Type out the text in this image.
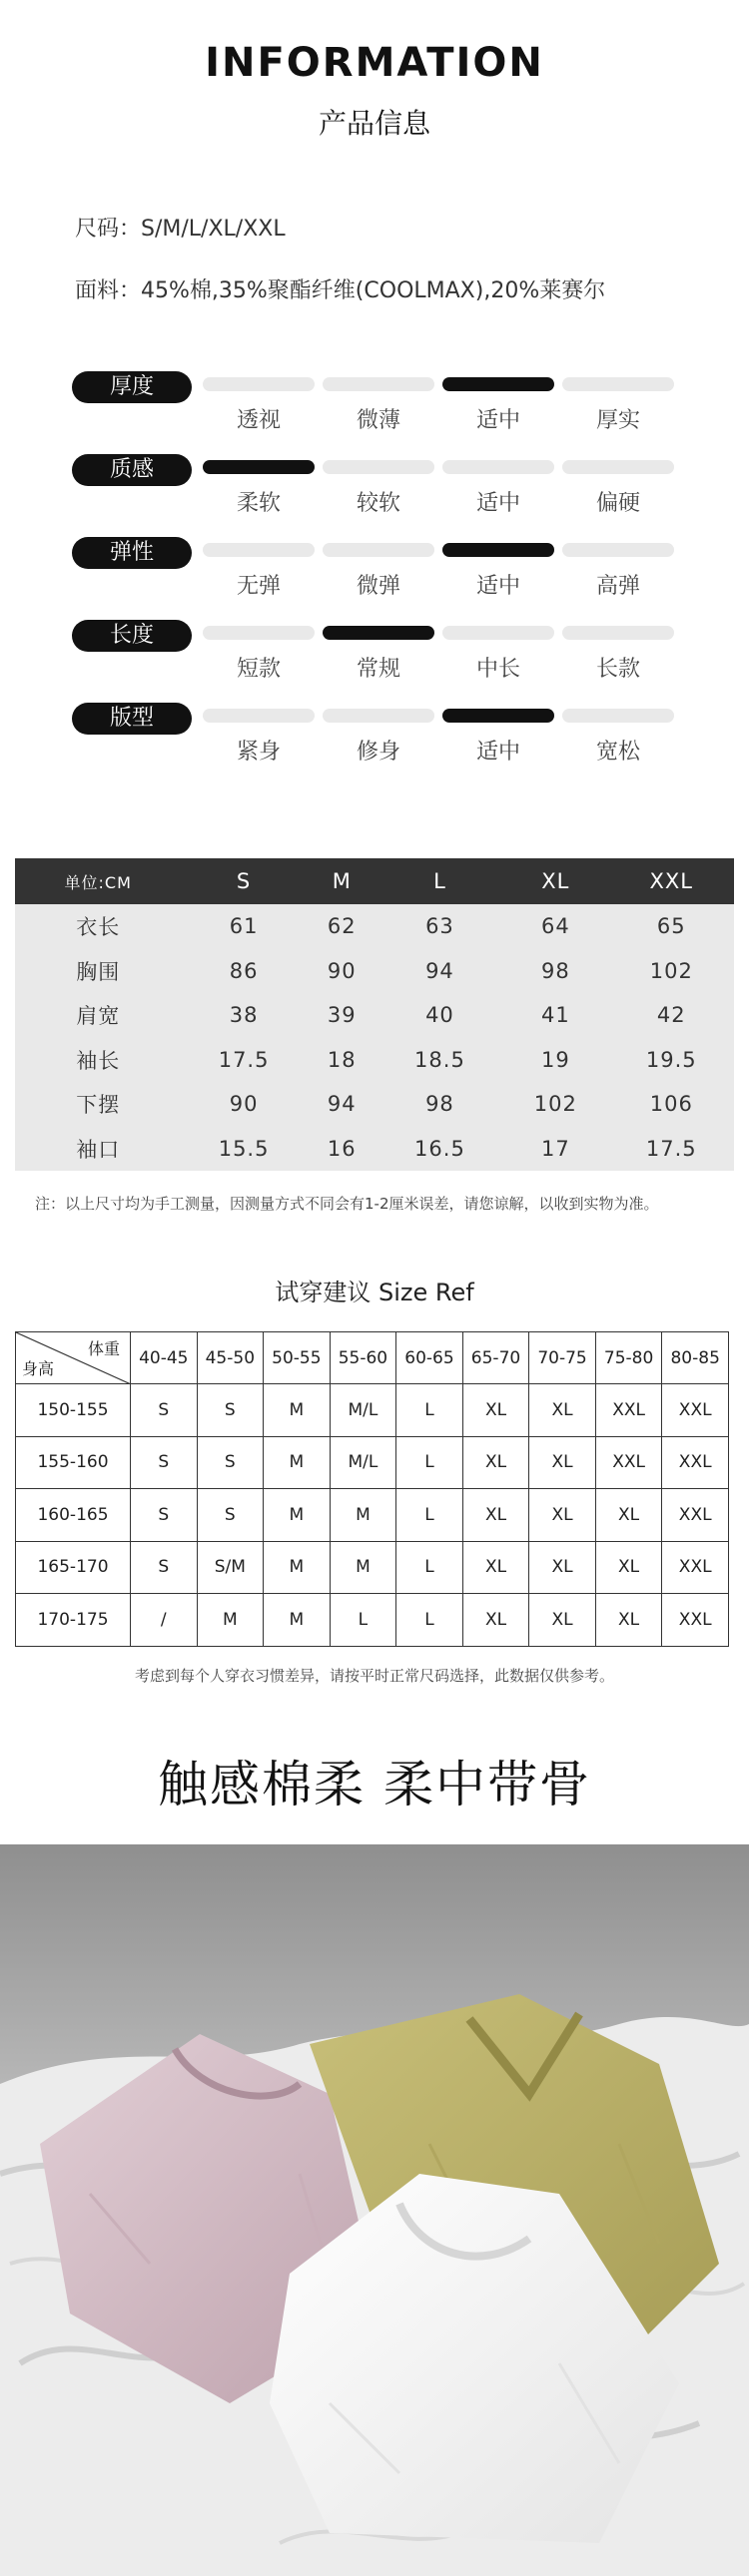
INFORMATION
产品信息
尺码：S/M/L/XL/XXL
面料：45%棉,35%聚酯纤维(COOLMAX),20%莱赛尔
厚度
透视	微薄	适中	厚实
质感
柔软	较软	适中	偏硬
弹性
无弹	微弹	适中	高弹
长度
短款	常规	中长	长款
版型
紧身	修身	适中	宽松
单位:CM	S	M	L	XL	XXL
衣长	61	62	63	64	65
胸围	86	90	94	98	102
肩宽	38	39	40	41	42
袖长	17.5	18	18.5	19	19.5
下摆	90	94	98	102	106
袖口	15.5	16	16.5	17	17.5
注：以上尺寸均为手工测量，因测量方式不同会有1-2厘米误差，请您谅解，以收到实物为准。
试穿建议 Size Ref
体重
身高	40-45	45-50	50-55	55-60	60-65	65-70	70-75	75-80	80-85
150-155	S	S	M	M/L	L	XL	XL	XXL	XXL
155-160	S	S	M	M/L	L	XL	XL	XXL	XXL
160-165	S	S	M	M	L	XL	XL	XL	XXL
165-170	S	S/M	M	M	L	XL	XL	XL	XXL
170-175	/	M	M	L	L	XL	XL	XL	XXL
考虑到每个人穿衣习惯差异，请按平时正常尺码选择，此数据仅供参考。
触感棉柔 柔中带骨
